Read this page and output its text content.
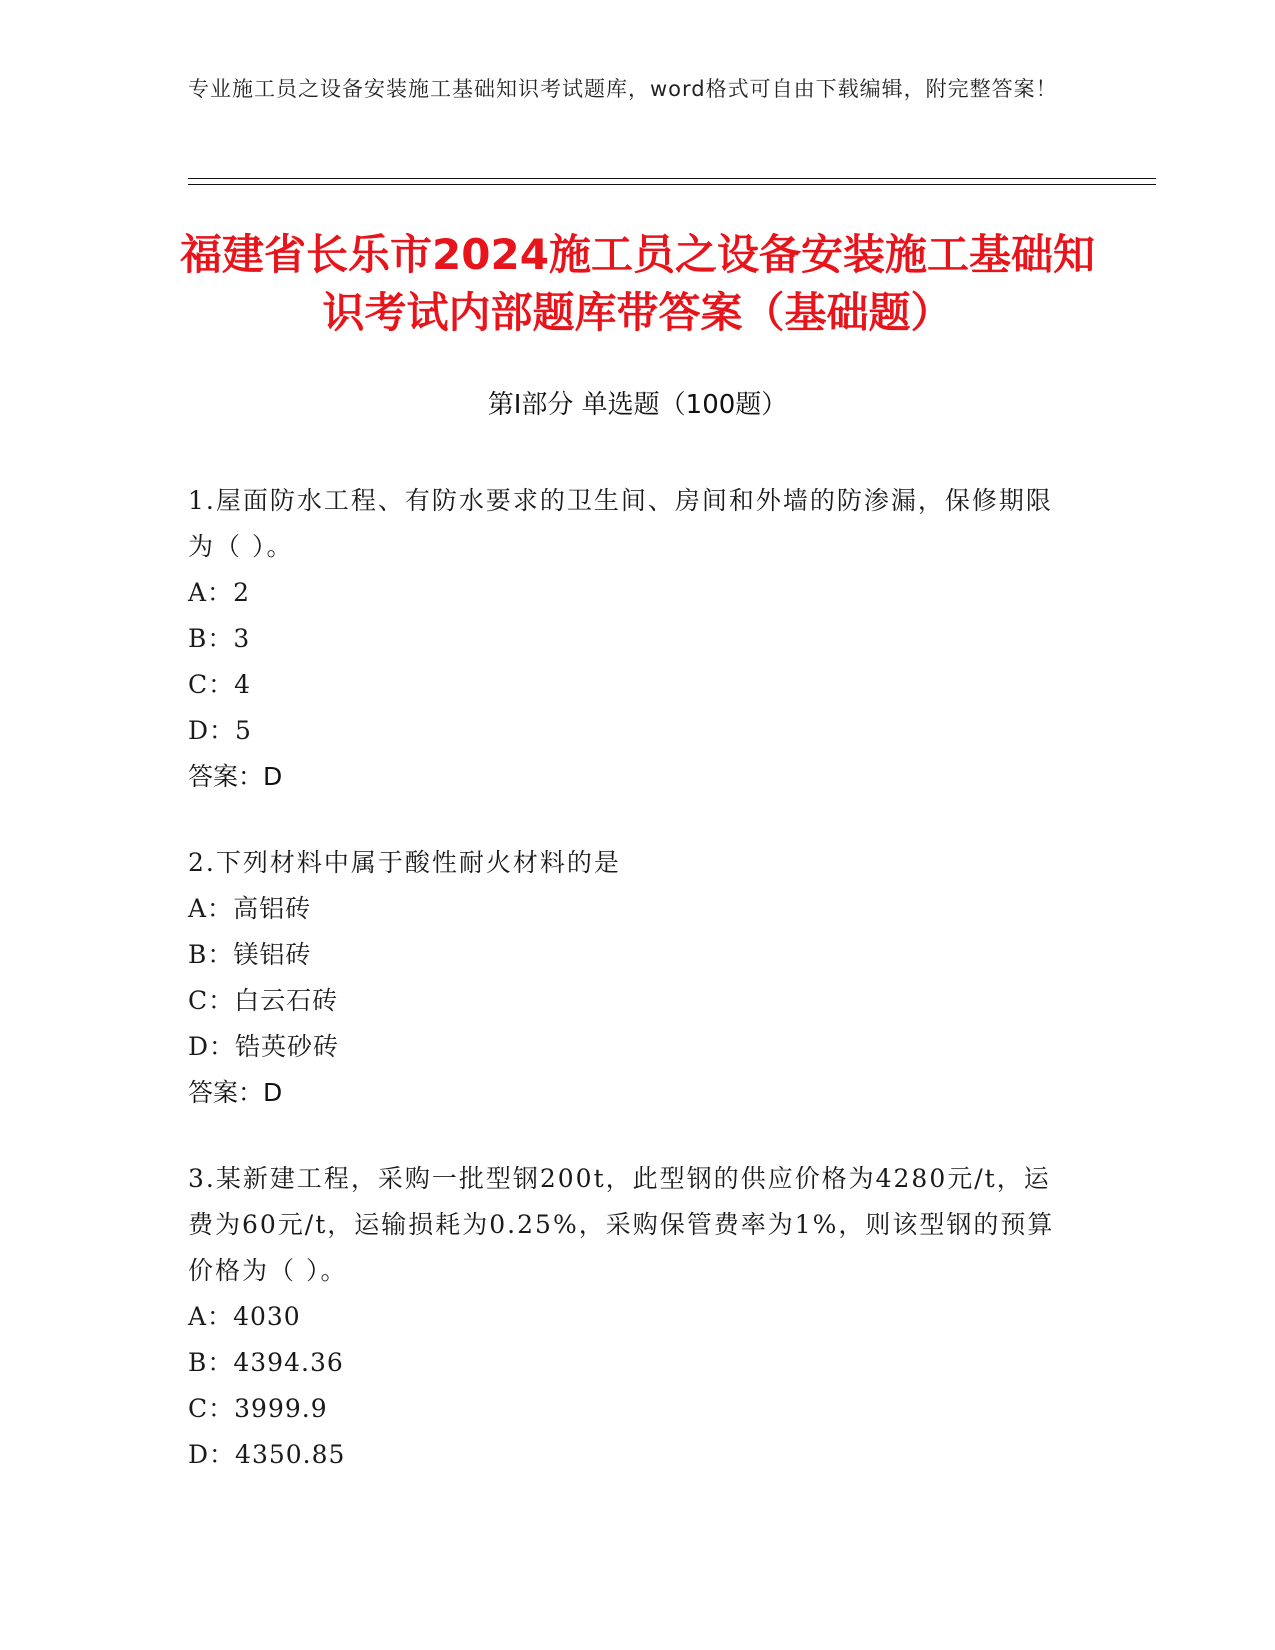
专业施工员之设备安装施工基础知识考试题库，word格式可自由下载编辑，附完整答案！
福建省长乐市2024施工员之设备安装施工基础知识考试内部题库带答案（基础题）
第I部分 单选题（100题）

1.屋面防水工程、有防水要求的卫生间、房间和外墙的防渗漏，保修期限为（ ）。

A：2

B：3

C：4

D：5

答案：D

2.下列材料中属于酸性耐火材料的是

A：高铝砖

B：镁铝砖

C：白云石砖

D：锆英砂砖

答案：D

3.某新建工程，采购一批型钢200t，此型钢的供应价格为4280元/t，运费为60元/t，运输损耗为0.25%，采购保管费率为1%，则该型钢的预算价格为（ ）。

A：4030

B：4394.36

C：3999.9

D：4350.85
